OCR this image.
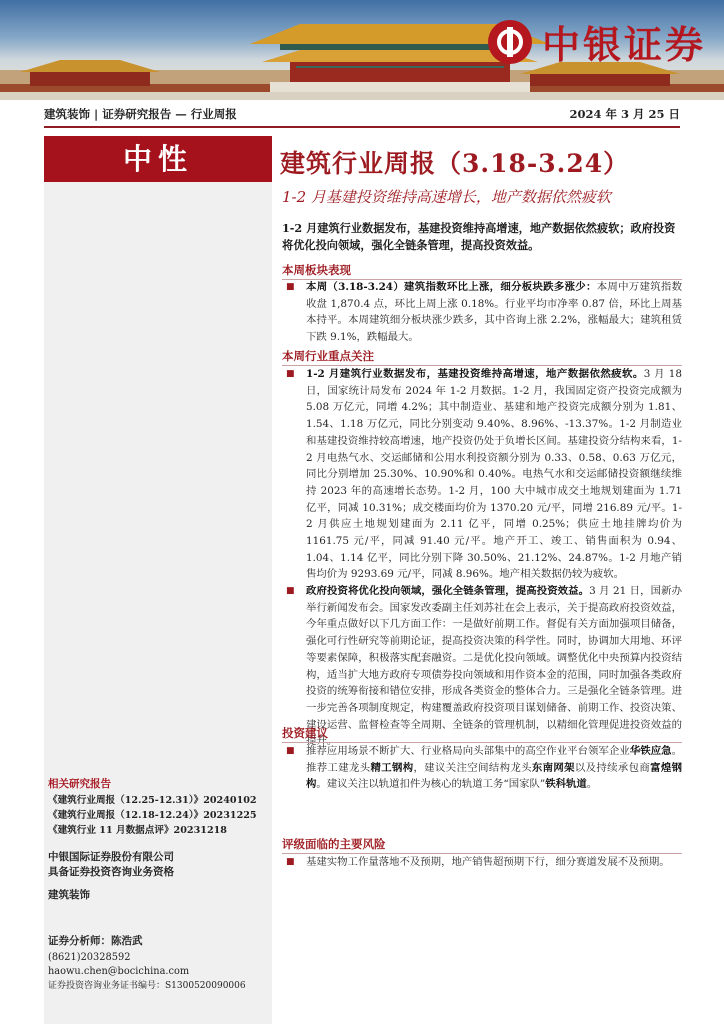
中银证券
建筑装饰 | 证券研究报告 — 行业周报	2024 年 3 月 25 日
中性
相关研究报告
《建筑行业周报（12.25-12.31）》20240102
《建筑行业周报（12.18-12.24）》20231225
《建筑行业 11 月数据点评》20231218
中银国际证券股份有限公司
具备证券投资咨询业务资格
建筑装饰
证券分析师：陈浩武
(8621)20328592
haowu.chen@bocichina.com
证券投资咨询业务证书编号：S1300520090006
建筑行业周报（3.18-3.24）
1-2 月基建投资维持高速增长，地产数据依然疲软
1-2 月建筑行业数据发布，基建投资维持高增速，地产数据依然疲软；政府投资将优化投向领域，强化全链条管理，提高投资效益。
本周板块表现
■	本周（3.18-3.24）建筑指数环比上涨，细分板块跌多涨少：本周中万建筑指数收盘 1,870.4 点，环比上周上涨 0.18%。行业平均市净率 0.87 倍，环比上周基本持平。本周建筑细分板块涨少跌多，其中咨询上涨 2.2%，涨幅最大；建筑租赁下跌 9.1%，跌幅最大。
本周行业重点关注
■	1-2 月建筑行业数据发布，基建投资维持高增速，地产数据依然疲软。3 月 18 日，国家统计局发布 2024 年 1-2 月数据。1-2 月，我国固定资产投资完成额为 5.08 万亿元，同增 4.2%；其中制造业、基建和地产投资完成额分别为 1.81、1.54、1.18 万亿元，同比分别变动 9.40%、8.96%、-13.37%。1-2 月制造业和基建投资维持较高增速，地产投资仍处于负增长区间。基建投资分结构来看，1-2 月电热气水、交运邮储和公用水利投资额分别为 0.33、0.58、0.63 万亿元，同比分别增加 25.30%、10.90%和 0.40%。电热气水和交运邮储投资额继续维持 2023 年的高速增长态势。1-2 月，100 大中城市成交土地规划建面为 1.71 亿平，同减 10.31%；成交楼面均价为 1370.20 元/平，同增 216.89 元/平。1-2 月供应土地规划建面为 2.11 亿平，同增 0.25%；供应土地挂牌均价为 1161.75 元/平，同减 91.40 元/平。地产开工、竣工、销售面积为 0.94、1.04、1.14 亿平，同比分别下降 30.50%、21.12%、24.87%。1-2 月地产销售均价为 9293.69 元/平，同减 8.96%。地产相关数据仍较为疲软。
■	政府投资将优化投向领域，强化全链条管理，提高投资效益。3 月 21 日，国新办举行新闻发布会。国家发改委副主任刘苏社在会上表示，关于提高政府投资效益，今年重点做好以下几方面工作：一是做好前期工作。督促有关方面加强项目储备，强化可行性研究等前期论证，提高投资决策的科学性。同时，协调加大用地、环评等要素保障，积极落实配套融资。二是优化投向领域。调整优化中央预算内投资结构，适当扩大地方政府专项债券投向领域和用作资本金的范围，同时加强各类政府投资的统筹衔接和错位安排，形成各类资金的整体合力。三是强化全链条管理。进一步完善各项制度规定，构建覆盖政府投资项目谋划储备、前期工作、投资决策、建设运营、监督检查等全周期、全链条的管理机制，以精细化管理促进投资效益的
投资建议
■	推荐应用场景不断扩大、行业格局向头部集中的高空作业平台领军企业华铁应急。推荐工建龙头精工钢构，建议关注空间结构龙头东南网架以及持续承包商富煌钢构。建议关注以轨道扣件为核心的轨道工务“国家队”铁科轨道。
评级面临的主要风险
■	基建实物工作量落地不及预期，地产销售超预期下行，细分赛道发展不及预期。
